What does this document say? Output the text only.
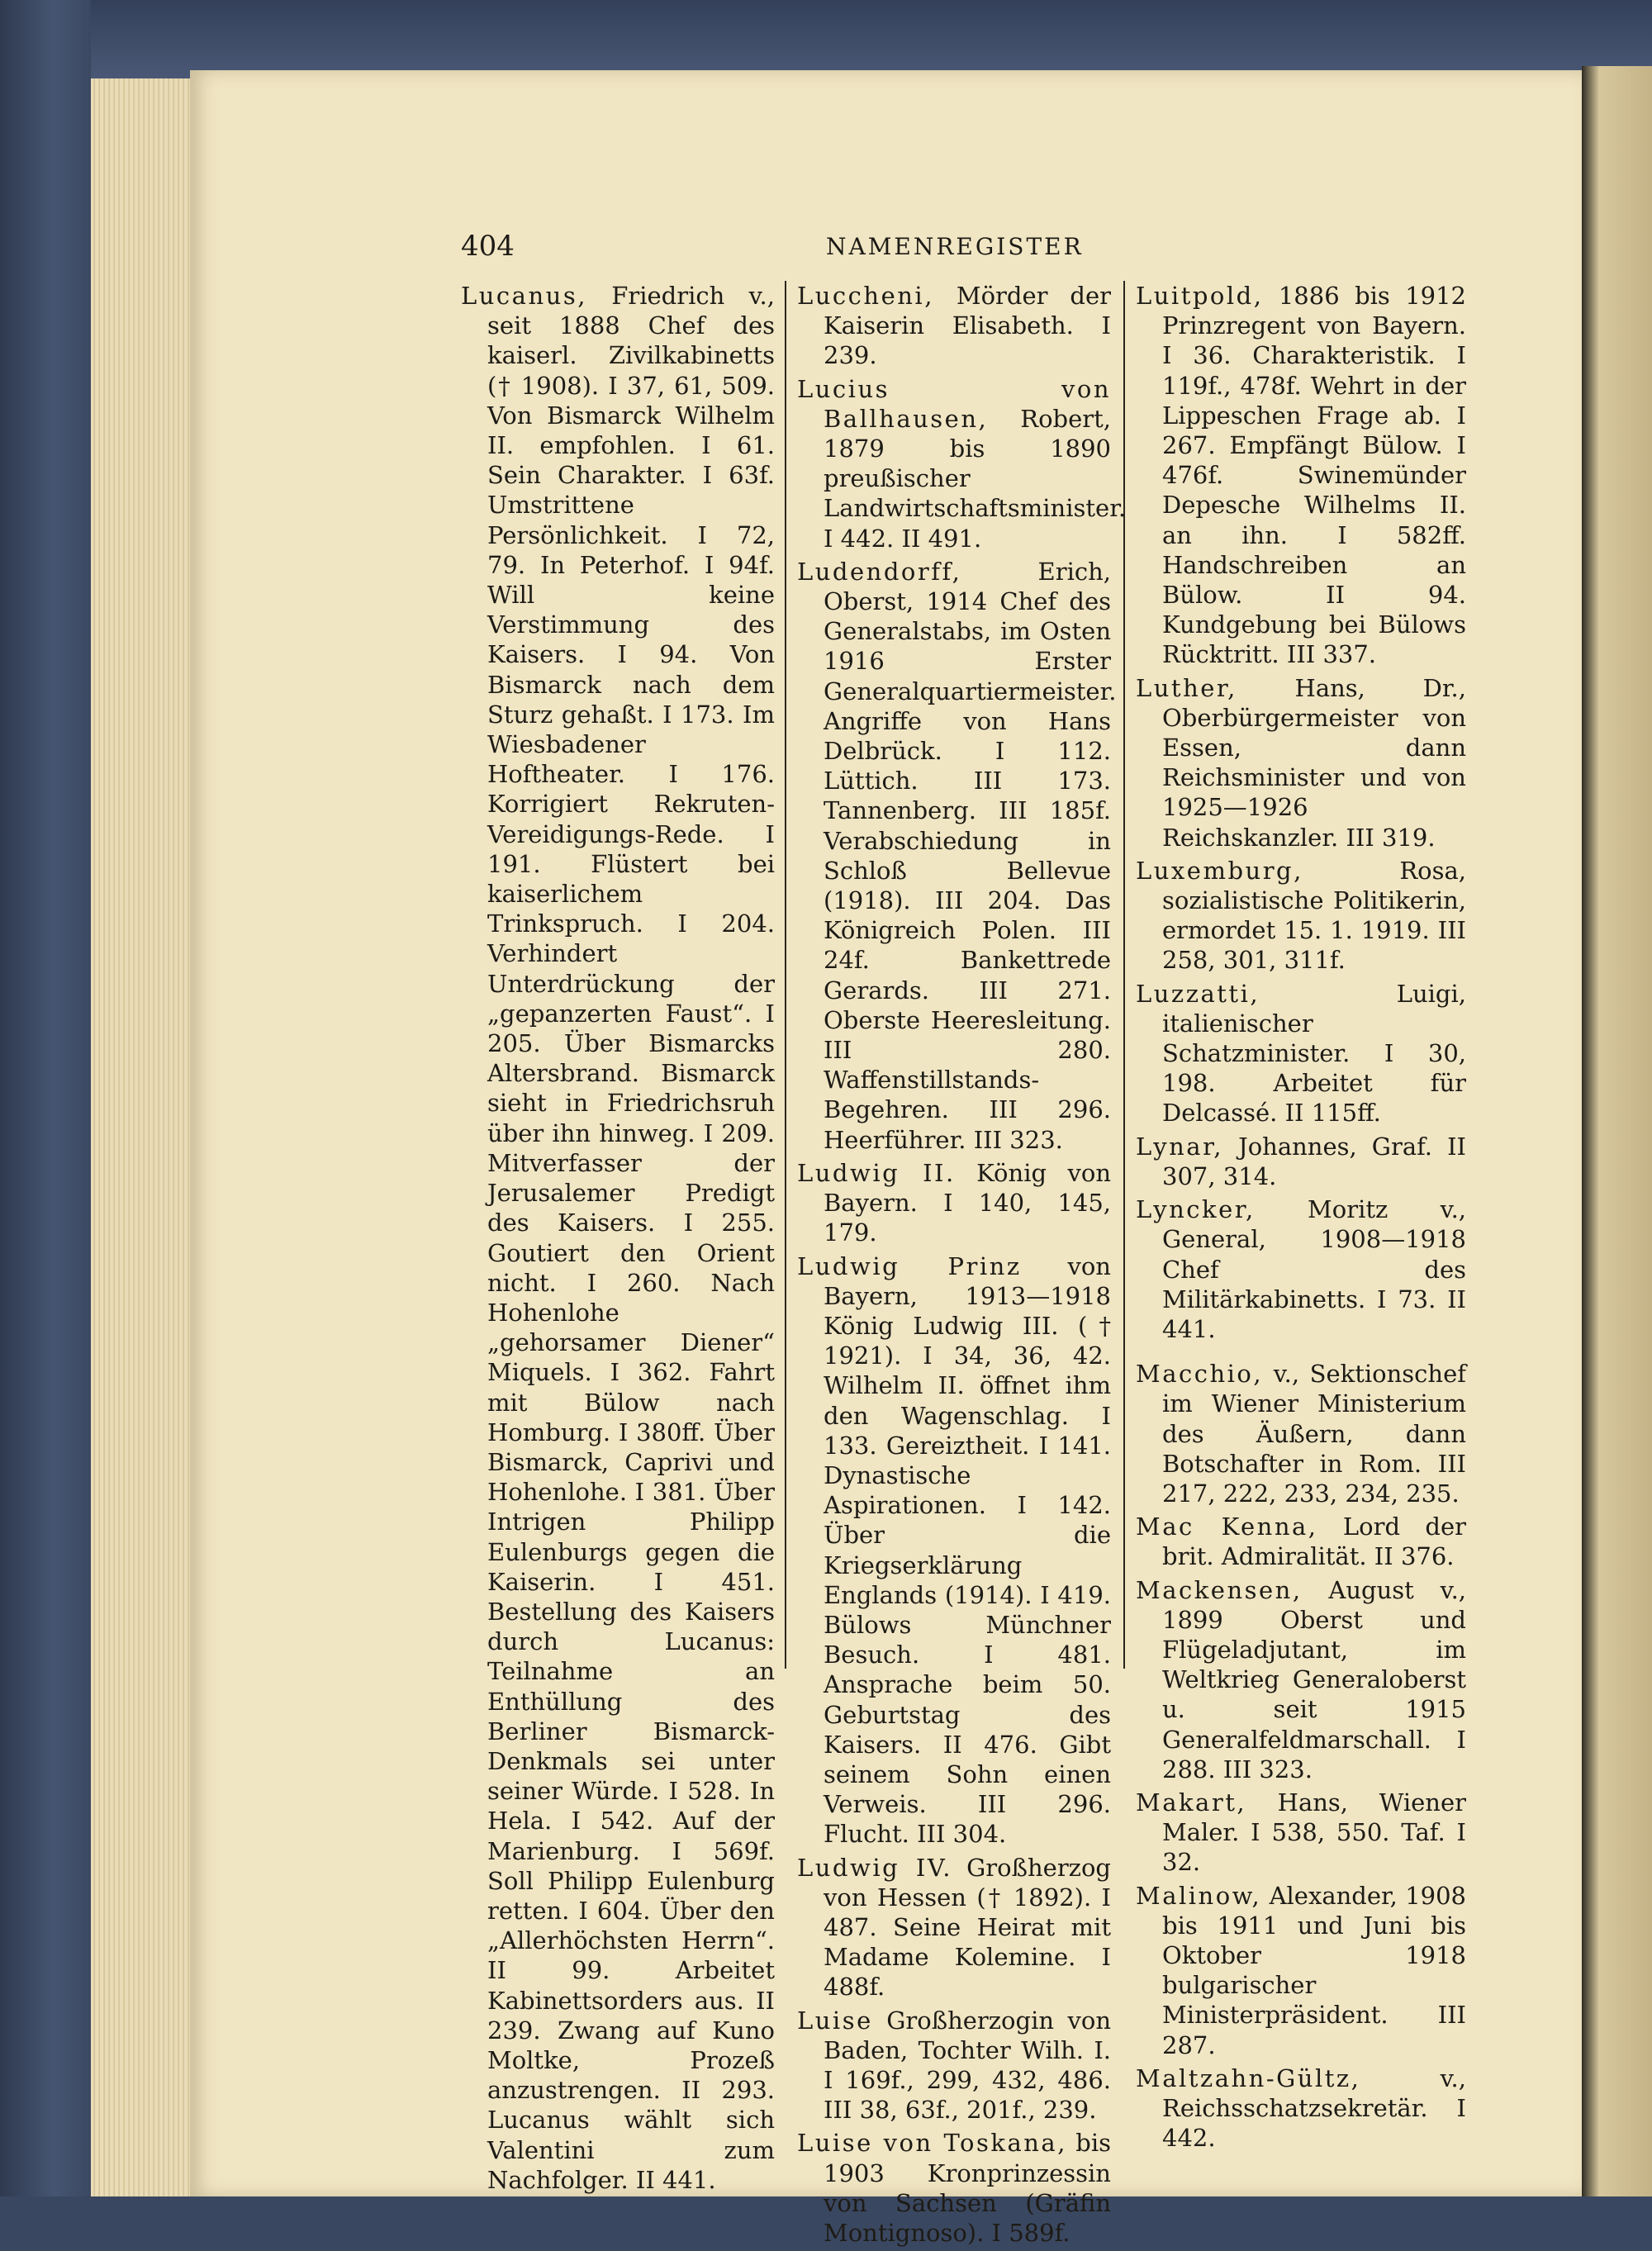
404	NAMENREGISTER

Lucanus, Friedrich v., seit 1888 Chef des kaiserl. Zivilkabinetts († 1908). I 37, 61, 509. Von Bismarck Wilhelm II. empfohlen. I 61. Sein Charakter. I 63f. Umstrittene Persönlichkeit. I 72, 79. In Peterhof. I 94f. Will keine Verstimmung des Kaisers. I 94. Von Bismarck nach dem Sturz gehaßt. I 173. Im Wiesbadener Hoftheater. I 176. Korrigiert Rekruten-Vereidigungs-Rede. I 191. Flüstert bei kaiserlichem Trinkspruch. I 204. Verhindert Unterdrückung der „gepanzerten Faust“. I 205. Über Bismarcks Altersbrand. Bismarck sieht in Friedrichsruh über ihn hinweg. I 209. Mitverfasser der Jerusalemer Predigt des Kaisers. I 255. Goutiert den Orient nicht. I 260. Nach Hohenlohe „gehorsamer Diener“ Miquels. I 362. Fahrt mit Bülow nach Homburg. I 380ff. Über Bismarck, Caprivi und Hohenlohe. I 381. Über Intrigen Philipp Eulenburgs gegen die Kaiserin. I 451. Bestellung des Kaisers durch Lucanus: Teilnahme an Enthüllung des Berliner Bismarck-Denkmals sei unter seiner Würde. I 528. In Hela. I 542. Auf der Marienburg. I 569f. Soll Philipp Eulenburg retten. I 604. Über den „Allerhöchsten Herrn“. II 99. Arbeitet Kabinettsorders aus. II 239. Zwang auf Kuno Moltke, Prozeß anzustrengen. II 293. Lucanus wählt sich Valentini zum Nachfolger. II 441.

Luccheni, Mörder der Kaiserin Elisabeth. I 239.

Lucius von Ballhausen, Robert, 1879 bis 1890 preußischer Landwirtschaftsminister. I 442. II 491.

Ludendorff,	Erich, Oberst, 1914 Chef des Generalstabs, im Osten 1916 Erster Generalquartiermeister. Angriffe von Hans Delbrück. I 112. Lüttich. III 173. Tannenberg. III 185f. Verabschiedung in Schloß Bellevue (1918). III 204. Das Königreich Polen. III 24f. Bankettrede Gerards. III 271. Oberste Heeresleitung. III 280. Waffenstillstands-Begehren. III 296. Heerführer. III 323.

Ludwig II. König von Bayern. I 140, 145, 179.

Ludwig Prinz von Bayern, 1913—1918 König Ludwig III. († 1921). I 34, 36, 42. Wilhelm II. öffnet ihm den Wagenschlag. I 133. Gereiztheit. I 141. Dynastische Aspirationen. I 142. Über die Kriegserklärung Englands (1914). I 419. Bülows Münchner Besuch. I 481. Ansprache beim 50. Geburtstag des Kaisers. II 476. Gibt seinem Sohn einen Verweis. III 296. Flucht. III 304.

Ludwig IV. Großherzog von Hessen († 1892). I 487. Seine Heirat mit Madame Kolemine. I 488f.

Luise Großherzogin von Baden, Tochter Wilh. I. I 169f., 299, 432, 486. III 38, 63f., 201f., 239.

Luise von Toskana, bis 1903 Kronprinzessin von Sachsen (Gräfin Montignoso). I 589f.

Luitpold, 1886 bis 1912 Prinzregent von Bayern. I 36. Charakteristik. I 119f., 478f. Wehrt in der Lippeschen Frage ab. I 267. Empfängt Bülow. I 476f. Swinemünder Depesche Wilhelms II. an ihn. I 582ff. Handschreiben an Bülow. II 94. Kundgebung bei Bülows Rücktritt. III 337.

Luther, Hans, Dr., Oberbürgermeister von Essen, dann Reichsminister und von 1925—1926 Reichskanzler. III 319.

Luxemburg,	Rosa, sozialistische Politikerin, ermordet 15. 1. 1919. III 258, 301, 311f.

Luzzatti,	Luigi, italienischer Schatzminister. I 30, 198. Arbeitet für Delcassé. II 115ff.

Lynar, Johannes, Graf. II 307, 314.

Lyncker, Moritz v., General, 1908—1918 Chef des Militärkabinetts. I 73. II 441.

Macchio, v., Sektionschef im Wiener Ministerium des Äußern, dann Botschafter in Rom. III 217, 222, 233, 234, 235.

Mac Kenna, Lord der brit. Admiralität. II 376.

Mackensen, August v., 1899 Oberst und Flügeladjutant, im Weltkrieg Generaloberst u. seit 1915 Generalfeldmarschall. I 288. III 323.

Makart, Hans, Wiener Maler. I 538, 550. Taf. I 32.

Malinow, Alexander, 1908 bis 1911 und Juni bis Oktober 1918 bulgarischer Ministerpräsident. III 287.

Maltzahn-Gültz,	v., Reichsschatzsekretär. I 442.
